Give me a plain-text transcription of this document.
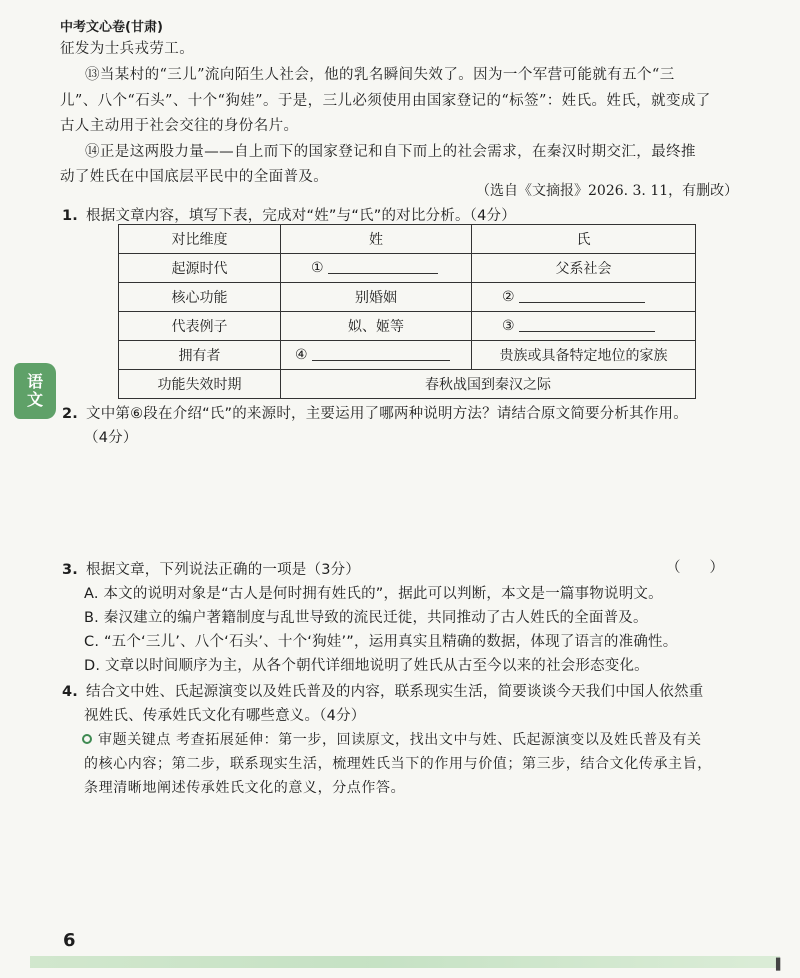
中考文心卷(甘肃)
征发为士兵戎劳工。
⑬当某村的“三儿”流向陌生人社会，他的乳名瞬间失效了。因为一个军营可能就有五个“三
儿”、八个“石头”、十个“狗娃”。于是，三儿必须使用由国家登记的“标签”：姓氏。姓氏，就变成了
古人主动用于社会交往的身份名片。
⑭正是这两股力量——自上而下的国家登记和自下而上的社会需求，在秦汉时期交汇，最终推
动了姓氏在中国底层平民中的全面普及。
（选自《文摘报》2026. 3. 11，有删改）
1. 根据文章内容，填写下表，完成对“姓”与“氏”的对比分析。（4分）
对比维度	姓	氏
起源时代	①	父系社会
核心功能	别婚姻	②
代表例子	姒、姬等	③
拥有者	④	贵族或具备特定地位的家族
功能失效时期	春秋战国到秦汉之际	
语
文
2. 文中第⑥段在介绍“氏”的来源时，主要运用了哪两种说明方法？请结合原文简要分析其作用。
（4分）
3. 根据文章，下列说法正确的一项是（3分）	（　　）
A. 本文的说明对象是“古人是何时拥有姓氏的”，据此可以判断，本文是一篇事物说明文。
B. 秦汉建立的编户著籍制度与乱世导致的流民迁徙，共同推动了古人姓氏的全面普及。
C. “五个‘三儿’、八个‘石头’、十个‘狗娃’”，运用真实且精确的数据，体现了语言的准确性。
D. 文章以时间顺序为主，从各个朝代详细地说明了姓氏从古至今以来的社会形态变化。
4. 结合文中姓、氏起源演变以及姓氏普及的内容，联系现实生活，简要谈谈今天我们中国人依然重
视姓氏、传承姓氏文化有哪些意义。（4分）
审题关键点 考查拓展延伸：第一步，回读原文，找出文中与姓、氏起源演变以及姓氏普及有关
的核心内容；第二步，联系现实生活，梳理姓氏当下的作用与价值；第三步，结合文化传承主旨，
条理清晰地阐述传承姓氏文化的意义，分点作答。
6
▌
